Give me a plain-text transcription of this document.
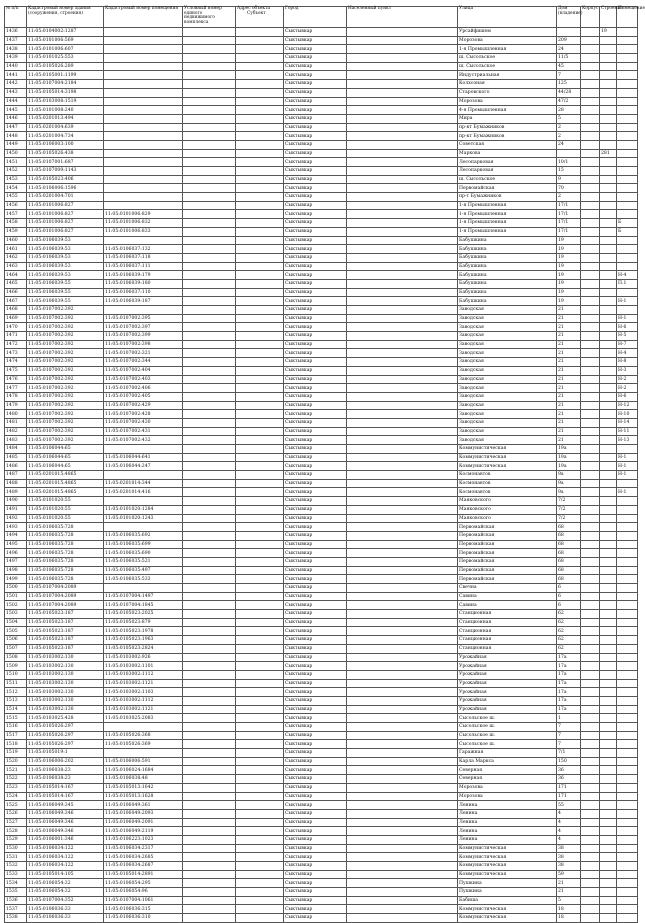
№ п/п	Кадастровый номер здания (сооружения, строения)	Кадастровый номер помещения	Условный номер единого недвижимого комплекса	Адрес объекта
Субъект	Город	Населенный пункт	Улица	Дом (владение)	Корпус	Строение	Помещение

1436	11:05:0104002:1287				Сыктывкар		Урсайфишем			19	
1437	11:05:0101006:569				Сыктывкар		Морозова	209			
1438	11:05:0101006:607				Сыктывкар		1-я Промышленная	24			
1439	11:05:0101025:553				Сыктывкар		ш. Сысольское	11/5			
1440	11:05:0105026:289				Сыктывкар		ш. Сысольское	45			
1441	11:05:0105001:1199				Сыктывкар		Индустриальная	7			
1442	11:05:0107004:2184				Сыктывкар		Колхозная	125			
1443	11:05:0105014:3198				Сыктывкар		Старовского	44/28			
1444	11:05:0103008:1519				Сыктывкар		Морозова	47/2			
1445	11:05:0101008:240				Сыктывкар		4-я Промышленная	28			
1446	11:05:0201013:494				Сыктывкар		Мира	5			
1447	11:05:0201004:639				Сыктывкар		пр-кт Бумажников	2			
1448	11:05:0201004:734				Сыктывкар		пр-кт Бумажников	2			
1449	11:05:0106003:100				Сыктывкар		Советская	24			
1450	11:05:0105026:438				Сыктывкар		Маркова			281	
1451	11:05:0107001:687				Сыктывкар		Лесопарковая	10/1			
1452	11:05:0107009:1143				Сыктывкар		Лесопарковая	15			
1453	11:05:0105023:406				Сыктывкар		ш. Сысольское	9			
1454	11:05:0106006:1596				Сыктывкар		Первомайская	70			
1455	11:05:0201004:701				Сыктывкар		пр-т Бумажников	2			
1456	11:05:0101006:827				Сыктывкар		1-я Промышленная	17/1			
1457	11:05:0101006:827	11:05:0101006:829			Сыктывкар		1-я Промышленная	17/1			
1458	11:05:0101006:827	11:05:0101006:832			Сыктывкар		1-я Промышленная	17/1			Б
1459	11:05:0101006:827	11:05:0101006:833			Сыктывкар		1-я Промышленная	17/1			Б
1460	11:05:0106039:53				Сыктывкар		Бабушкина	19			
1461	11:05:0106039:53	11:05:0106037:132			Сыктывкар		Бабушкина	19			
1462	11:05:0106039:53	11:05:0106037:118			Сыктывкар		Бабушкина	19			
1463	11:05:0106039:53	11:05:0106037:111			Сыктывкар		Бабушкина	19			
1464	11:05:0106039:53	11:05:0106039:179			Сыктывкар		Бабушкина	19			Н-4
1465	11:05:0106039:55	11:05:0106039:180			Сыктывкар		Бабушкина	19			П.1
1466	11:05:0106039:55	11:05:0106037:110			Сыктывкар		Бабушкина	19			
1467	11:05:0106039:55	11:05:0106039:187			Сыктывкар		Бабушкина	19			Н-1
1468	11:05:0107002:392				Сыктывкар		Заводская	21			
1469	11:05:0107002:392	11:05:0107002:395			Сыктывкар		Заводская	21			Н-1
1470	11:05:0107002:392	11:05:0107002:397			Сыктывкар		Заводская	21			Н-6
1471	11:05:0107002:392	11:05:0107002:399			Сыктывкар		Заводская	21			Н-5
1472	11:05:0107002:392	11:05:0107002:398			Сыктывкар		Заводская	21			Н-7
1473	11:05:0107002:392	11:05:0107002:321			Сыктывкар		Заводская	21			Н-4
1474	11:05:0107002:392	11:05:0107002:344			Сыктывкар		Заводская	21			Н-8
1475	11:05:0107002:392	11:05:0107002:404			Сыктывкар		Заводская	21			Н-3
1476	11:05:0107002:392	11:05:0107002:403			Сыктывкар		Заводская	21			Н-2
1477	11:05:0107002:392	11:05:0107002:406			Сыктывкар		Заводская	21			Н-2
1478	11:05:0107002:392	11:05:0107002:405			Сыктывкар		Заводская	21			Н-6
1479	11:05:0107002:392	11:05:0107002:429			Сыктывкар		Заводская	21			Н-12
1480	11:05:0107002:392	11:05:0107002:428			Сыктывкар		Заводская	21			Н-10
1481	11:05:0107002:392	11:05:0107002:430			Сыктывкар		Заводская	21			Н-14
1482	11:05:0107002:392	11:05:0107002:431			Сыктывкар		Заводская	21			Н-11
1483	11:05:0107002:392	11:05:0107002:432			Сыктывкар		Заводская	21			Н-13
1484	11:05:0106044:65				Сыктывкар		Коммунистическая	19а			
1485	11:05:0106044:65	11:05:0106044:641			Сыктывкар		Коммунистическая	19а			Н-1
1486	11:05:0106044:65	11:05:0106044:247			Сыктывкар		Коммунистическая	19а			Н-1
1487	11:05:0201015:4865				Сыктывкар		Космонавтов	9а			Н-1
1488	11:05:0201015:4865	11:05:0201014:344			Сыктывкар		Космонавтов	9а			
1489	11:05:0201015:4865	11:05:0201014:416			Сыктывкар		Космонавтов	9а			Н-1
1490	11:05:0101020:55				Сыктывкар		Маяковского	7/2			
1491	11:05:0101020:55	11:05:0101020:1284			Сыктывкар		Маяковского	7/2			
1492	11:05:0101020:55	11:05:0101020:1243			Сыктывкар		Маяковского	7/2			
1493	11:05:0106035:728				Сыктывкар		Первомайская	68			
1494	11:05:0106035:728	11:05:0106035:692			Сыктывкар		Первомайская	68			
1495	11:05:0106035:728	11:05:0106035:699			Сыктывкар		Первомайская	68			
1496	11:05:0106035:728	11:05:0106035:690			Сыктывкар		Первомайская	68			
1497	11:05:0106035:728	11:05:0106035:521			Сыктывкар		Первомайская	68			
1498	11:05:0106035:728	11:05:0106035:497			Сыктывкар		Первомайская	68			
1499	11:05:0106035:728	11:05:0106035:533			Сыктывкар		Первомайская	68			
1500	11:05:0107004:2089				Сыктывкар		Свечна	6			
1501	11:05:0107004:2089	11:05:0107004:1497			Сыктывкар		Савина	6			
1502	11:05:0107004:2089	11:05:0107004:1845			Сыктывкар		Савина	6			
1503	11:05:0105023:187	11:05:0105023:2025			Сыктывкар		Станционная	62			
1504	11:05:0105023:187	11:05:0105023:879			Сыктывкар		Станционная	62			
1505	11:05:0105023:187	11:05:0105023:1978			Сыктывкар		Станционная	62			
1506	11:05:0105023:187	11:05:0105023:1963			Сыктывкар		Станционная	62			
1507	11:05:0105023:187	11:05:0105023:2824			Сыктывкар		Станционная	62			
1508	11:05:0103002:130	11:05:0103002:926			Сыктывкар		Урожайная	17а			
1509	11:05:0103002:130	11:05:0103002:1101			Сыктывкар		Урожайная	17а			
1510	11:05:0103002:130	11:05:0103002:1112			Сыктывкар		Урожайная	17а			
1511	11:05:0103002:130	11:05:0103002:1121			Сыктывкар		Урожайная	17а			
1512	11:05:0103002:130	11:05:0103002:1103			Сыктывкар		Урожайная	17а			
1513	11:05:0103002:130	11:05:0103002:1112			Сыктывкар		Урожайная	17а			
1514	11:05:0103002:130	11:05:0103002:1121			Сыктывкар		Урожайная	17а			
1515	11:05:0103025:428	11:05:0103025:2083			Сыктывкар		Сысольское ш.	1			
1516	11:05:0105026:297				Сыктывкар		Сысольское ш.	7			
1517	11:05:0105026:297	11:05:0105026:368			Сыктывкар		Сысольское ш.	7			
1518	11:05:0105026:297	11:05:0105026:369			Сыктывкар		Сысольское ш.	7			
1519	11:05:0105019:1				Сыктывкар		Гаражная	7/1			
1520	11:05:0106006:202	11:05:0106006:591			Сыктывкар		Карла Маркса	150			
1521	11:05:0106038:23	11:05:0106024:1684			Сыктывкар		Северная	36			
1522	11:05:0106038:23	11:05:0106038:48			Сыктывкар		Северная	36			
1523	11:05:0105014:167	11:05:0105013:1642			Сыктывкар		Морозова	171			
1524	11:05:0105014:167	11:05:0105013:1628			Сыктывкар		Морозова	171			
1525	11:05:0106049:345	11:05:0106049:361			Сыктывкар		Ленина	55			
1526	11:05:0106049:346	11:05:0106049:2093			Сыктывкар		Ленина	4			
1527	11:05:0106049:346	11:05:0106049:2091			Сыктывкар		Ленина	4			
1528	11:05:0106049:346	11:05:0106049:2119			Сыктывкар		Ленина	4			
1529	11:05:0106001:346	11:05:0106223:1023			Сыктывкар		Ленина	4			
1530	11:05:0106034:122	11:05:0106034:2317			Сыктывкар		Коммунистическая	38			
1531	11:05:0106034:122	11:05:0106034:2685			Сыктывкар		Коммунистическая	38			
1532	11:05:0106034:122	11:05:0106034:2687			Сыктывкар		Коммунистическая	38			
1533	11:05:0105014:105	11:05:0105014:2891			Сыктывкар		Коммунистическая	59			
1534	11:05:0106054:32	11:05:0106054:295			Сыктывкар		Пушкина	21			
1535	11:05:0106054:32	11:05:0106054:96			Сыктывкар		Пушкина	21			
1536	11:05:0107004:352	11:05:0107004:1061			Сыктывкар		Бабиша	5			
1537	11:05:0106036:33	11:05:0106036:315			Сыктывкар		Коммунистическая	18			
1538	11:05:0106036:33	11:05:0106036:310			Сыктывкар		Коммунистическая	18			
